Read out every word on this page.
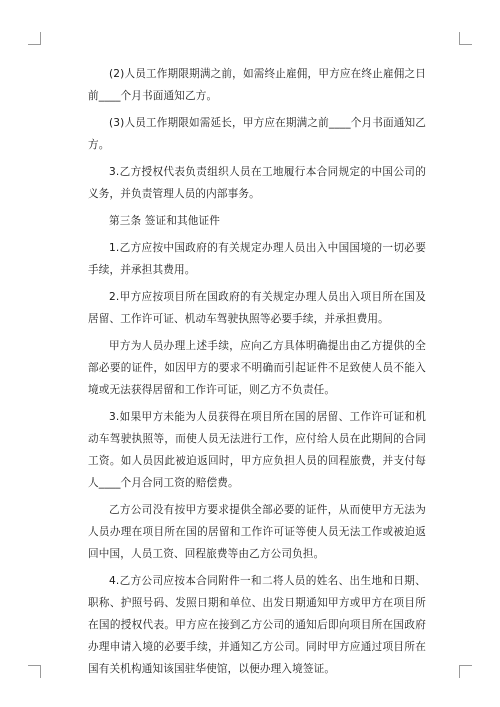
(2)人员工作期限期满之前，如需终止雇佣，甲方应在终止雇佣之日前____个月书面通知乙方。

(3)人员工作期限如需延长，甲方应在期满之前____个月书面通知乙方。

3.乙方授权代表负责组织人员在工地履行本合同规定的中国公司的义务，并负责管理人员的内部事务。

第三条 签证和其他证件

1.乙方应按中国政府的有关规定办理人员出入中国国境的一切必要手续，并承担其费用。

2.甲方应按项目所在国政府的有关规定办理人员出入项目所在国及居留、工作许可证、机动车驾驶执照等必要手续，并承担费用。

甲方为人员办理上述手续，应向乙方具体明确提出由乙方提供的全部必要的证件，如因甲方的要求不明确而引起证件不足致使人员不能入境或无法获得居留和工作许可证，则乙方不负责任。

3.如果甲方未能为人员获得在项目所在国的居留、工作许可证和机动车驾驶执照等，而使人员无法进行工作，应付给人员在此期间的合同工资。如人员因此被迫返回时，甲方应负担人员的回程旅费，并支付每人____个月合同工资的赔偿费。

乙方公司没有按甲方要求提供全部必要的证件，从而使甲方无法为人员办理在项目所在国的居留和工作许可证等使人员无法工作或被迫返回中国，人员工资、回程旅费等由乙方公司负担。

4.乙方公司应按本合同附件一和二将人员的姓名、出生地和日期、职称、护照号码、发照日期和单位、出发日期通知甲方或甲方在项目所在国的授权代表。甲方应在接到乙方公司的通知后即向项目所在国政府办理申请入境的必要手续，并通知乙方公司。同时甲方应通过项目所在国有关机构通知该国驻华使馆，以便办理入境签证。
